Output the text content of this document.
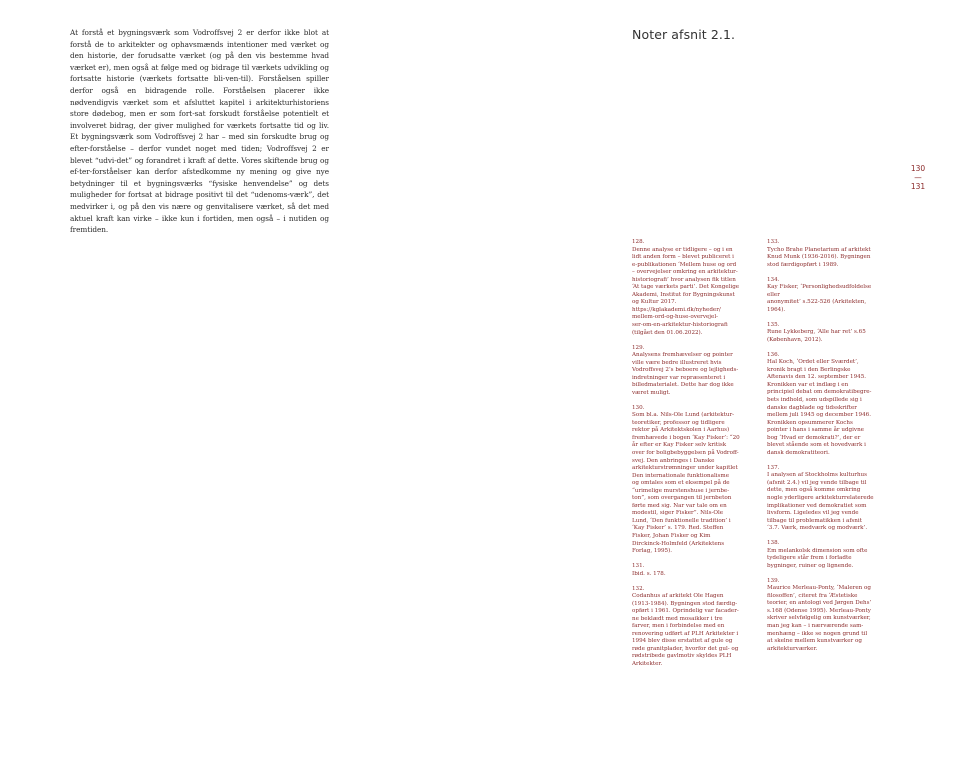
At forstå et bygningsværk som Vodroffsvej 2 er derfor ikke blot at forstå de to arkitekter og ophavsmænds intentioner med værket og den historie, der forudsatte værket (og på den vis bestemme hvad værket er), men også at følge med og bidrage til værkets udvikling og fortsatte historie (værkets fortsatte bli-ven-til). Forståelsen spiller derfor også en bidragende rolle. Forståelsen placerer ikke nødvendigvis værket som et afsluttet kapitel i arkitekturhistoriens store dødebog, men er som fort-sat forskudt forståelse potentielt et involveret bidrag, der giver mulighed for værkets fortsatte tid og liv. Et bygningsværk som Vodroffsvej 2 har – med sin forskudte brug og efter-forståelse – derfor vundet noget med tiden; Vodroffsvej 2 er blevet “udvi-det” og forandret i kraft af dette. Vores skiftende brug og ef-ter-forståelser kan derfor afstedkomme ny mening og give nye betydninger til et bygningsværks “fysiske henvendelse” og dets muligheder for fortsat at bidrage positivt til det “udenoms-værk”, det medvirker i, og på den vis nære og genvitalisere værket, så det med aktuel kraft kan virke – ikke kun i fortiden, men også – i nutiden og fremtiden.

Noter afsnit 2.1.
130
—
131
128.
Denne analyse er tidligere – og i en
lidt anden form – blevet publiceret i
e-publikationen ‘Mellem huse og ord
– overvejelser omkring en arkitektur-
historiografi’ hvor analysen fik titlen
‘At tage værkets parti’. Det Kongelige
Akademi, Institut for Bygningskunst
og Kultur 2017.
https://kglakademi.dk/nyheder/
mellem-ord-og-huse-overvejel-
ser-om-en-arkitektur-historiografi
(tilgået den 01.06.2022).
129.
Analysens fremhævelser og pointer
ville være bedre illustreret hvis
Vodroffsvej 2’s beboere og lejligheds-
indretninger var repræsenteret i
billedmaterialet. Dette har dog ikke
været muligt.
130.
Som bl.a. Nils-Ole Lund (arkitektur-
teoretiker, professor og tidligere
rektor på Arkitektskolen i Aarhus)
fremhævede i bogen ‘Kay Fisker’: “20
år efter er Kay Fisker selv kritisk
over for boligbebyggelsen på Vodroff-
svej. Den anbringes i Danske
arkitekturstrømninger under kapitlet
Den internationale funktionalisme
og omtales som et eksempel på de
“urimelige murstenshuse i jernbe-
ton”, som overgangen til jernbeton
førte med sig. Nar var tale om en
modestil, siger Fisker”. Nils-Ole
Lund, ‘Den funktionelle tradition’ i
‘Kay Fisker’ s. 179. Red. Steffen
Fisker, Johan Fisker og Kim
Dirckinck-Holmfeld (Arkitektens
Forlag, 1995).
131.
Ibid. s. 178.
132.
Codanhus af arkitekt Ole Hagen
(1913-1984). Bygningen stod færdig-
opført i 1961. Oprindelig var facader-
ne beklædt med mosaikker i tre
farver, men i forbindelse med en
renovering udført af PLH Arkitekter i
1994 blev disse erstattet af gule og
røde granitplader, hvorfor det gul- og
rødstribede gavlmotiv skyldes PLH
Arkitekter.
133.
Tycho Brahe Planetarium af arkitekt
Knud Munk (1936-2016). Bygningen
stod færdigopført i 1989.
134.
Kay Fisker, ‘Personlighedsudfoldelse eller
anonymitet’ s.522-526 (Arkitekten,
1964).
135.
Rune Lykkeberg, ‘Alle har ret’ s.65
(København, 2012).
136.
Hal Koch, ‘Ordet eller Sværdet’,
kronik bragt i den Berlingske
Aftenavis den 12. september 1945.
Kronikken var et indlæg i en
principiel debat om demokratibegre-
bets indhold, som udspillede sig i
danske dagblade og tidsskrifter
mellem juli 1945 og december 1946.
Kronikken opsummerer Kochs
pointer i hans i samme år udgivne
bog ‘Hvad er demokrati?’, der er
blevet stående som et hovedværk i
dansk demokratiteori.
137.
I analysen af Stockholms kulturhus
(afsnit 2.4.) vil jeg vende tilbage til
dette, men også komme omkring
nogle yderligere arkitekturrelaterede
implikationer ved demokratiet som
livsform. Ligeledes vil jeg vende
tilbage til problematikken i afsnit
‘3.7. Værk, medværk og modværk’.
138.
Em melankolsk dimension som ofte
tydeligere står frem i forladte
bygninger, ruiner og lignende.
139.
Maurice Merleau-Ponty, ‘Maleren og
filosoffen’, citeret fra ‘Æstetiske
teorier, en antologi ved Jørgen Dehs’
s.168 (Odense 1995). Merleau-Ponty
skriver selvfølgelig om kunstværker,
man jeg kan – i nærværende sam-
menhæng – ikke se nogen grund til
at skelne mellem kunstværker og
arkitekturværker.
